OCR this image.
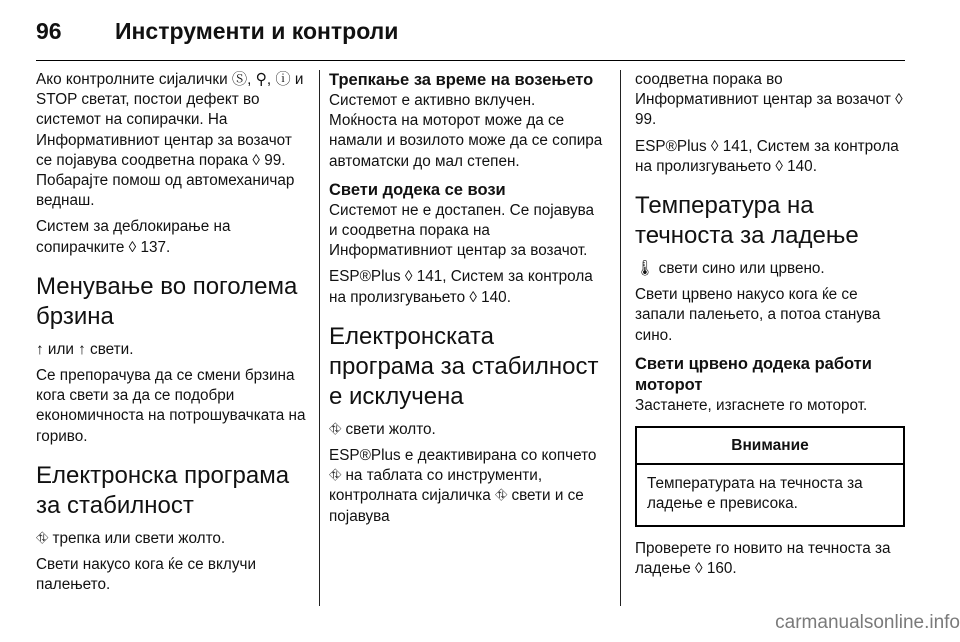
96	Инструменти и контроли

Ако контролните сијалички Ⓢ, ⚲, ⓘ и STOP светат, постои дефект во системот на сопирачки. На Информативниот центар за возачот се појавува соодветна порака ◊ 99. Побарајте помош од автомеханичар веднаш.

Систем за деблокирање на сопирачките ◊ 137.

Менување во поголема брзина

↑ или ↑ свети.

Се препорачува да се смени брзина кога свети за да се подобри економичноста на потрошувачката на гориво.

Електронска програма за стабилност

⛗ трепка или свети жолто.

Свети накусо кога ќе се вклучи палењето.

Трепкање за време на возењето

Системот е активно вклучен. Моќноста на моторот може да се намали и возилото може да се сопира автоматски до мал степен.

Свети додека се вози

Системот не е достапен. Се појавува и соодветна порака на Информативниот центар за возачот.

ESP®Plus ◊ 141, Систем за контрола на пролизгувањето ◊ 140.

Електронската програма за стабилност е исклучена

⛗ свети жолто.

ESP®Plus е деактивирана со копчето ⛗ на таблата со инструменти, контролната сијаличка ⛗ свети и се појавува

соодветна порака во Информативниот центар за возачот ◊ 99.

ESP®Plus ◊ 141, Систем за контрола на пролизгувањето ◊ 140.

Температура на течноста за ладење

🌡 свети сино или црвено.

Свети црвено накусо кога ќе се запали палењето, а потоа станува сино.

Свети црвено додека работи моторот

Застанете, изгаснете го моторот.

Внимание
Температурата на течноста за ладење е превисока.

Проверете го новито на течноста за ладење ◊ 160.

carmanualsonline.info
